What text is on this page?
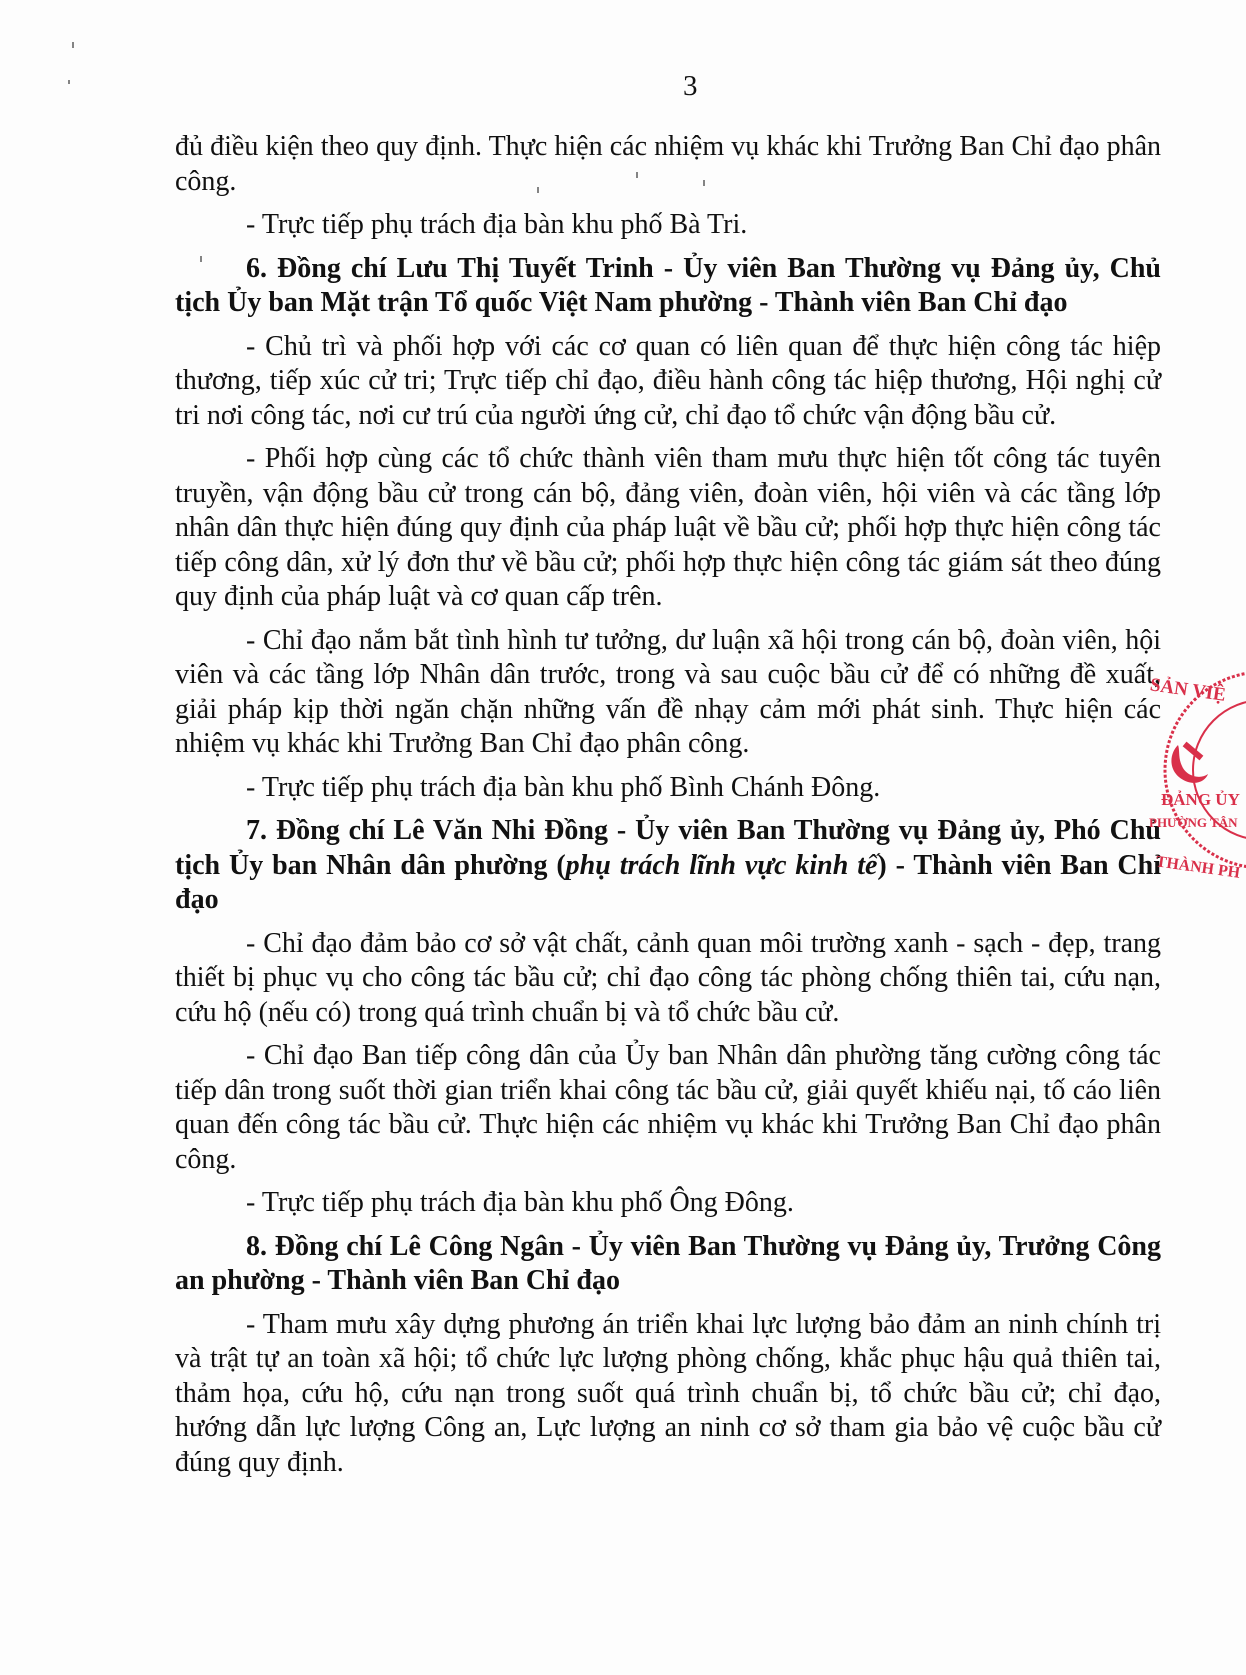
3

đủ điều kiện theo quy định. Thực hiện các nhiệm vụ khác khi Trưởng Ban Chỉ đạo phân công.

- Trực tiếp phụ trách địa bàn khu phố Bà Tri.

6. Đồng chí Lưu Thị Tuyết Trinh - Ủy viên Ban Thường vụ Đảng ủy, Chủ tịch Ủy ban Mặt trận Tổ quốc Việt Nam phường - Thành viên Ban Chỉ đạo

- Chủ trì và phối hợp với các cơ quan có liên quan để thực hiện công tác hiệp thương, tiếp xúc cử tri; Trực tiếp chỉ đạo, điều hành công tác hiệp thương, Hội nghị cử tri nơi công tác, nơi cư trú của người ứng cử, chỉ đạo tổ chức vận động bầu cử.

- Phối hợp cùng các tổ chức thành viên tham mưu thực hiện tốt công tác tuyên truyền, vận động bầu cử trong cán bộ, đảng viên, đoàn viên, hội viên và các tầng lớp nhân dân thực hiện đúng quy định của pháp luật về bầu cử; phối hợp thực hiện công tác tiếp công dân, xử lý đơn thư về bầu cử; phối hợp thực hiện công tác giám sát theo đúng quy định của pháp luật và cơ quan cấp trên.

- Chỉ đạo nắm bắt tình hình tư tưởng, dư luận xã hội trong cán bộ, đoàn viên, hội viên và các tầng lớp Nhân dân trước, trong và sau cuộc bầu cử để có những đề xuất, giải pháp kịp thời ngăn chặn những vấn đề nhạy cảm mới phát sinh. Thực hiện các nhiệm vụ khác khi Trưởng Ban Chỉ đạo phân công.

- Trực tiếp phụ trách địa bàn khu phố Bình Chánh Đông.

7. Đồng chí Lê Văn Nhi Đồng - Ủy viên Ban Thường vụ Đảng ủy, Phó Chủ tịch Ủy ban Nhân dân phường (phụ trách lĩnh vực kinh tế) - Thành viên Ban Chỉ đạo

- Chỉ đạo đảm bảo cơ sở vật chất, cảnh quan môi trường xanh - sạch - đẹp, trang thiết bị phục vụ cho công tác bầu cử; chỉ đạo công tác phòng chống thiên tai, cứu nạn, cứu hộ (nếu có) trong quá trình chuẩn bị và tổ chức bầu cử.

- Chỉ đạo Ban tiếp công dân của Ủy ban Nhân dân phường tăng cường công tác tiếp dân trong suốt thời gian triển khai công tác bầu cử, giải quyết khiếu nại, tố cáo liên quan đến công tác bầu cử. Thực hiện các nhiệm vụ khác khi Trưởng Ban Chỉ đạo phân công.

- Trực tiếp phụ trách địa bàn khu phố Ông Đông.

8. Đồng chí Lê Công Ngân - Ủy viên Ban Thường vụ Đảng ủy, Trưởng Công an phường - Thành viên Ban Chỉ đạo

- Tham mưu xây dựng phương án triển khai lực lượng bảo đảm an ninh chính trị và trật tự an toàn xã hội; tổ chức lực lượng phòng chống, khắc phục hậu quả thiên tai, thảm họa, cứu hộ, cứu nạn trong suốt quá trình chuẩn bị, tổ chức bầu cử; chỉ đạo, hướng dẫn lực lượng Công an, Lực lượng an ninh cơ sở tham gia bảo vệ cuộc bầu cử đúng quy định.

SẢN VIỆ
ĐẢNG ỦY
PHƯỜNG TÂN
THÀNH PH
